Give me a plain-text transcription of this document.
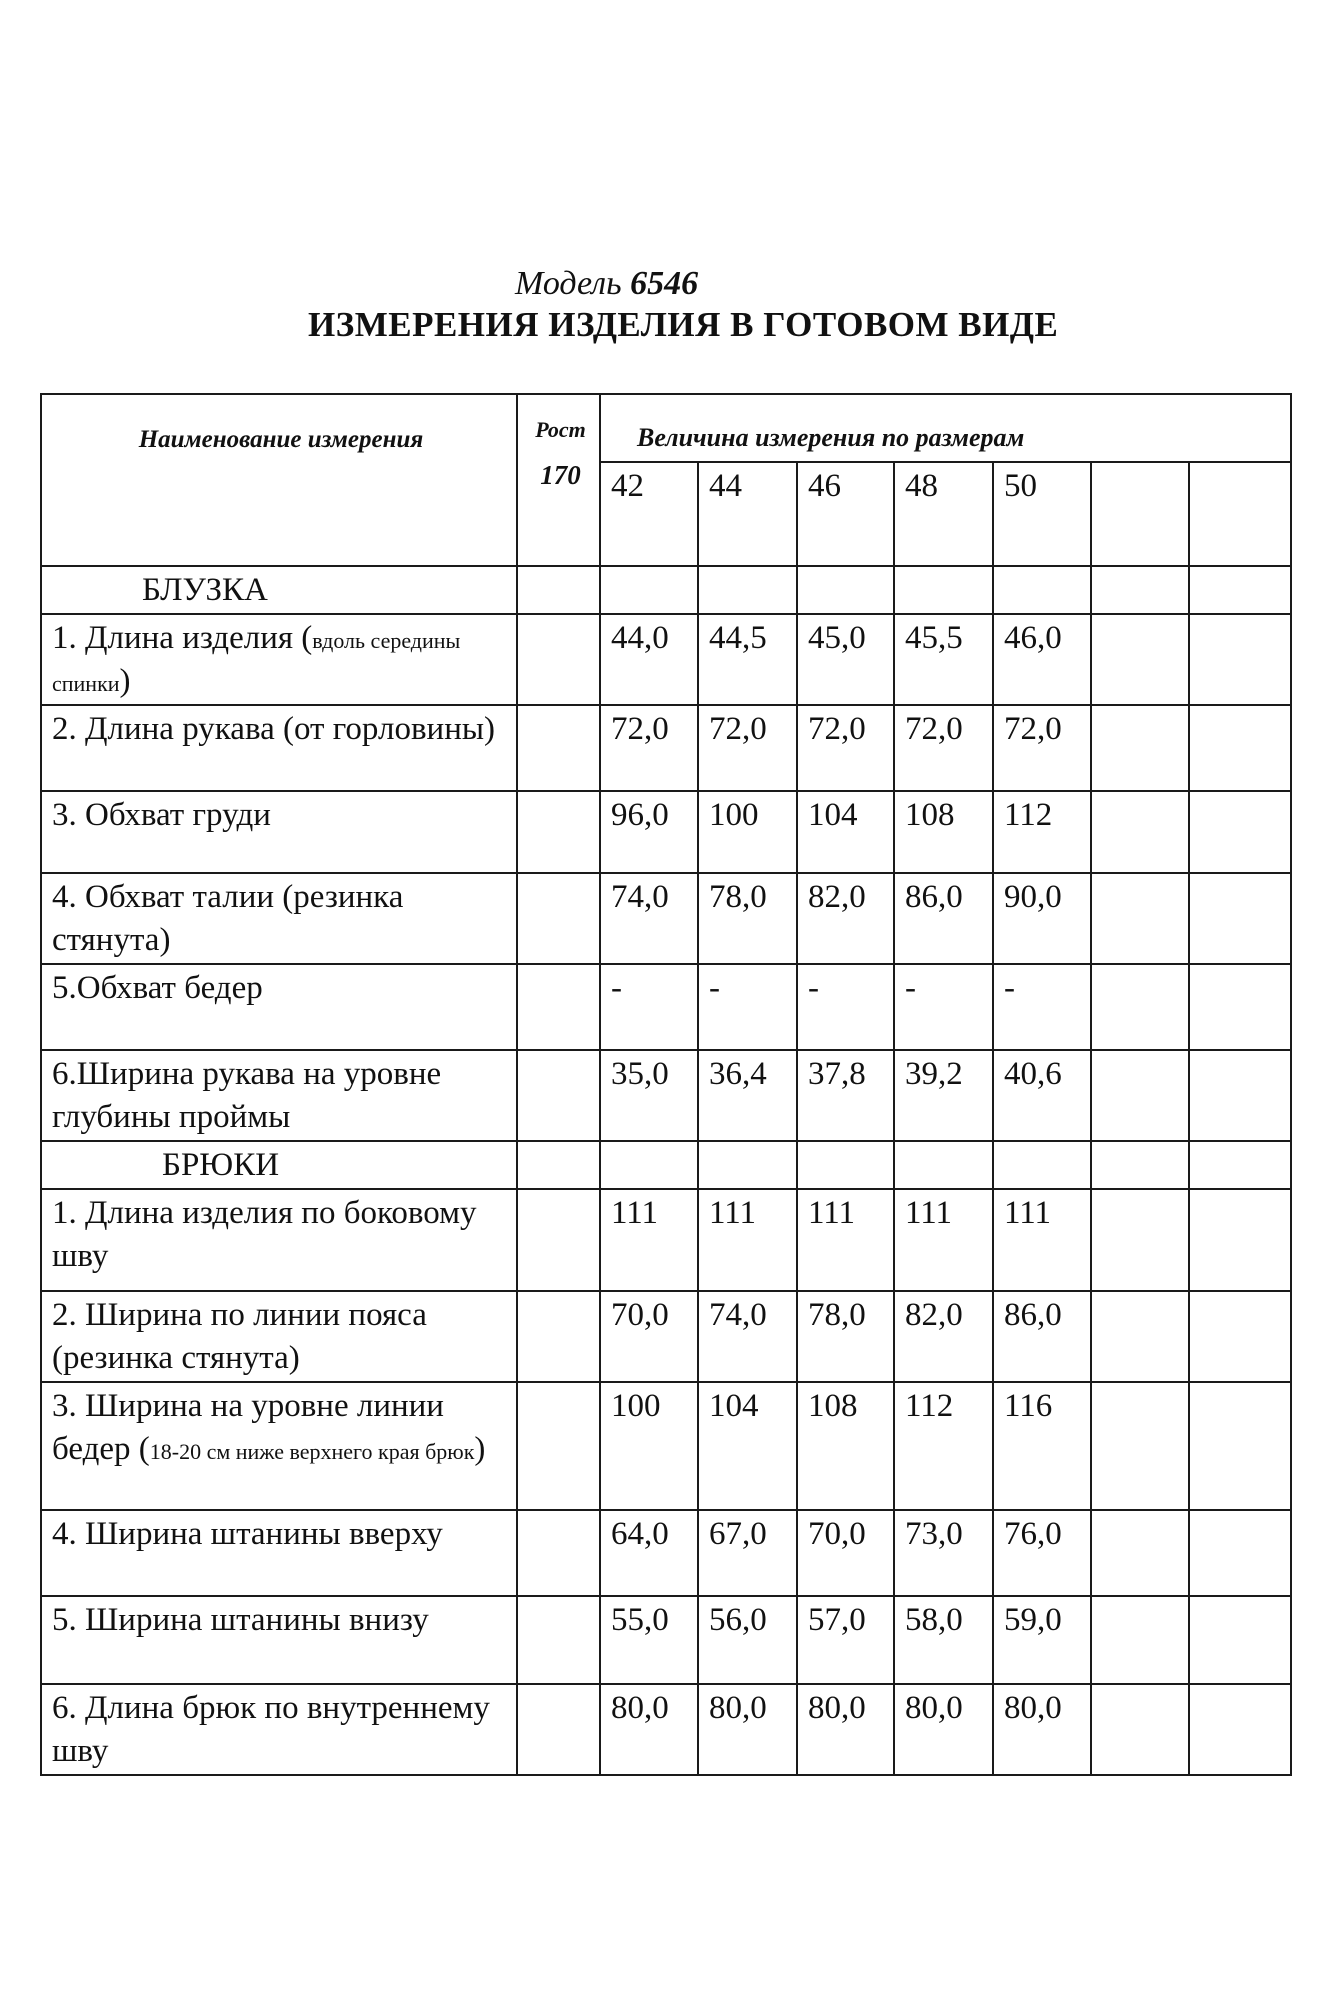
Модель 6546
ИЗМЕРЕНИЯ ИЗДЕЛИЯ В ГОТОВОМ ВИДЕ
Наименование измерения	Рост
170	Величина измерения по размерам						
		42	44	46	48	50		
БЛУЗКА								
1. Длина изделия (вдоль середины спинки)		44,0	44,5	45,0	45,5	46,0		
2. Длина рукава (от горловины)		72,0	72,0	72,0	72,0	72,0		
3. Обхват груди		96,0	100	104	108	112		
4. Обхват талии (резинка стянута)		74,0	78,0	82,0	86,0	90,0		
5.Обхват бедер		-	-	-	-	-		
6.Ширина рукава на уровне глубины проймы		35,0	36,4	37,8	39,2	40,6		
БРЮКИ								
1. Длина изделия по боковому шву		111	111	111	111	111		
2. Ширина по линии пояса (резинка стянута)		70,0	74,0	78,0	82,0	86,0		
3. Ширина на уровне линии бедер (18-20 см ниже верхнего края брюк)		100	104	108	112	116		
4. Ширина штанины вверху		64,0	67,0	70,0	73,0	76,0		
5. Ширина штанины внизу		55,0	56,0	57,0	58,0	59,0		
6. Длина брюк по внутреннему шву		80,0	80,0	80,0	80,0	80,0		
